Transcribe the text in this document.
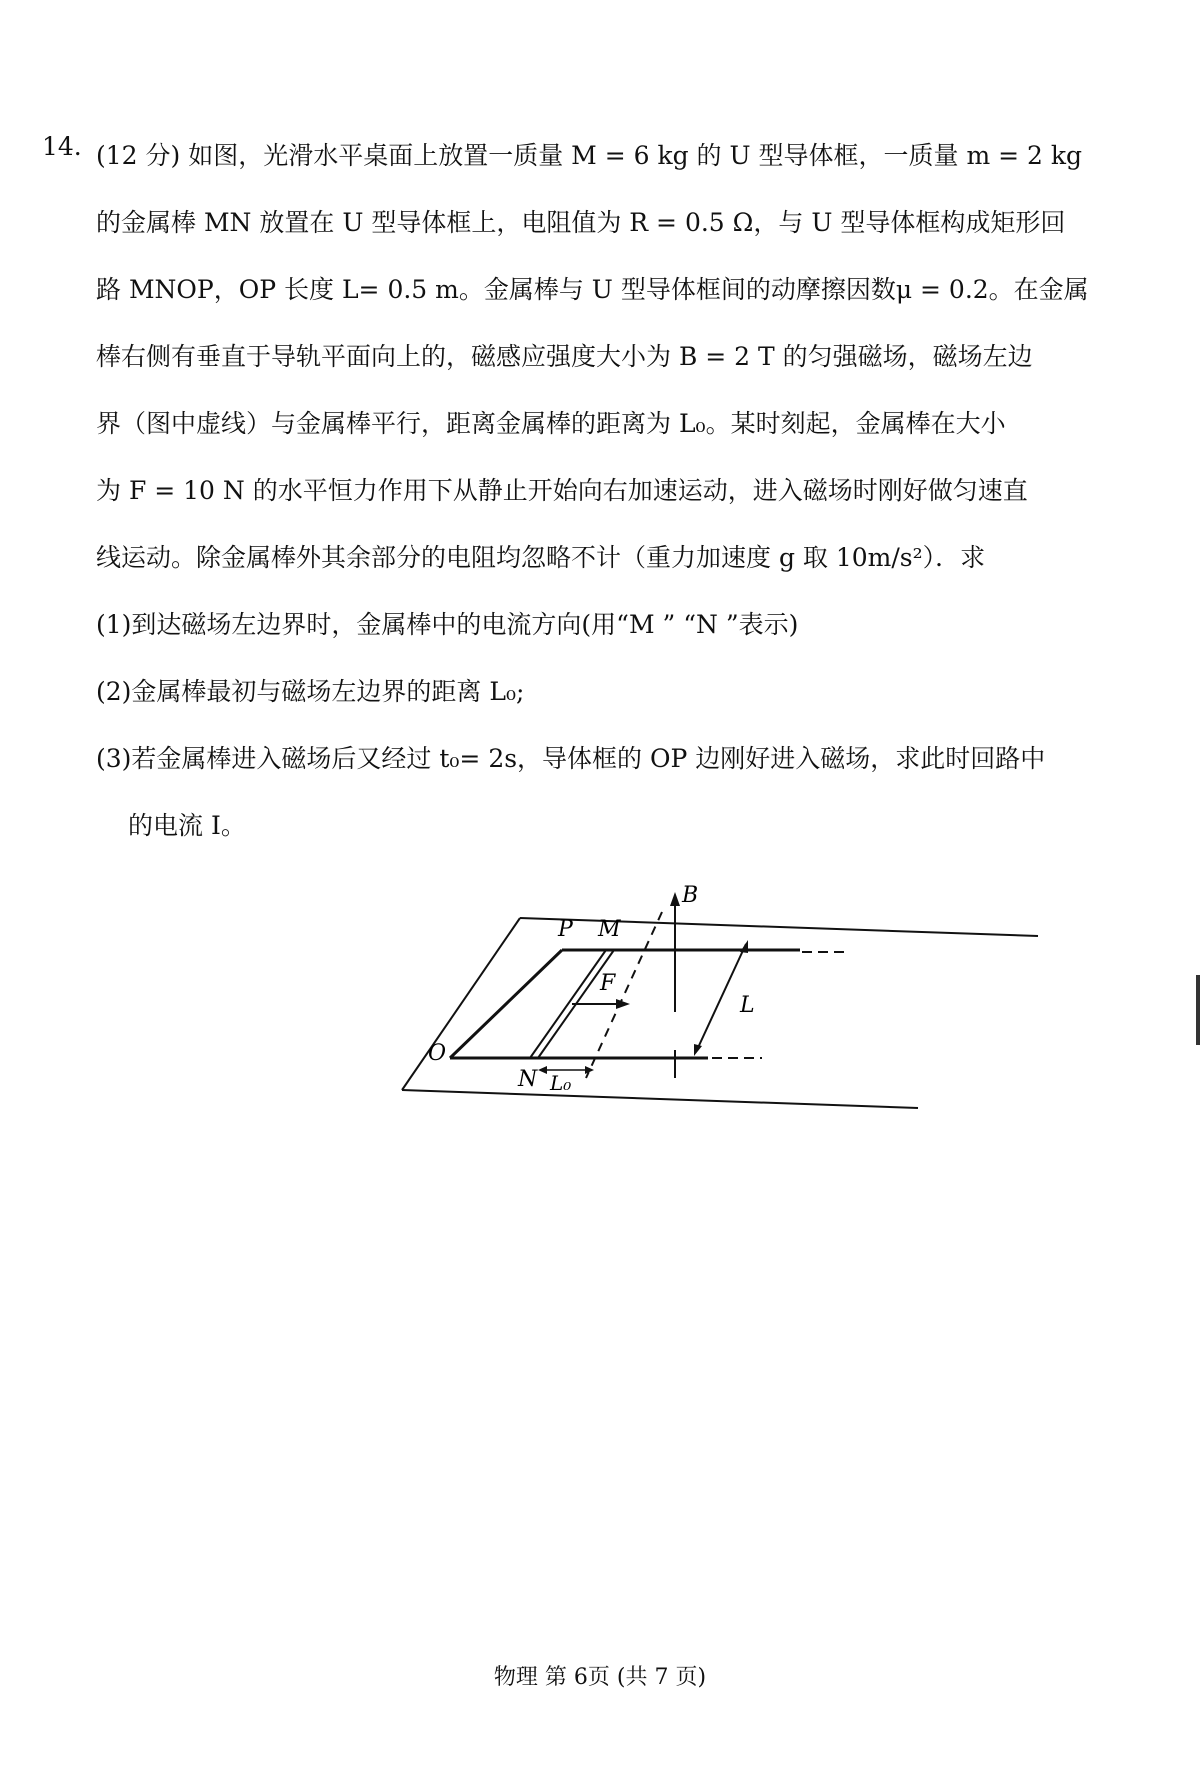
14. (12 分) 如图，光滑水平桌面上放置一质量 M = 6 kg 的 U 型导体框，一质量 m = 2 kg
的金属棒 MN 放置在 U 型导体框上，电阻值为 R = 0.5 Ω，与 U 型导体框构成矩形回
路 MNOP，OP 长度 L= 0.5 m。金属棒与 U 型导体框间的动摩擦因数μ = 0.2。在金属
棒右侧有垂直于导轨平面向上的，磁感应强度大小为 B = 2 T 的匀强磁场，磁场左边
界（图中虚线）与金属棒平行，距离金属棒的距离为 L₀。某时刻起，金属棒在大小
为 F = 10 N 的水平恒力作用下从静止开始向右加速运动，进入磁场时刚好做匀速直
线运动。除金属棒外其余部分的电阻均忽略不计（重力加速度 g 取 10m/s²）．求
(1)到达磁场左边界时，金属棒中的电流方向(用“M ” “N ”表示)
(2)金属棒最初与磁场左边界的距离 L₀;
(3)若金属棒进入磁场后又经过 t₀= 2s，导体框的 OP 边刚好进入磁场，求此时回路中
的电流 I。
P M
B
F
O
N L₀
L
物理 第 6页 (共 7 页)
